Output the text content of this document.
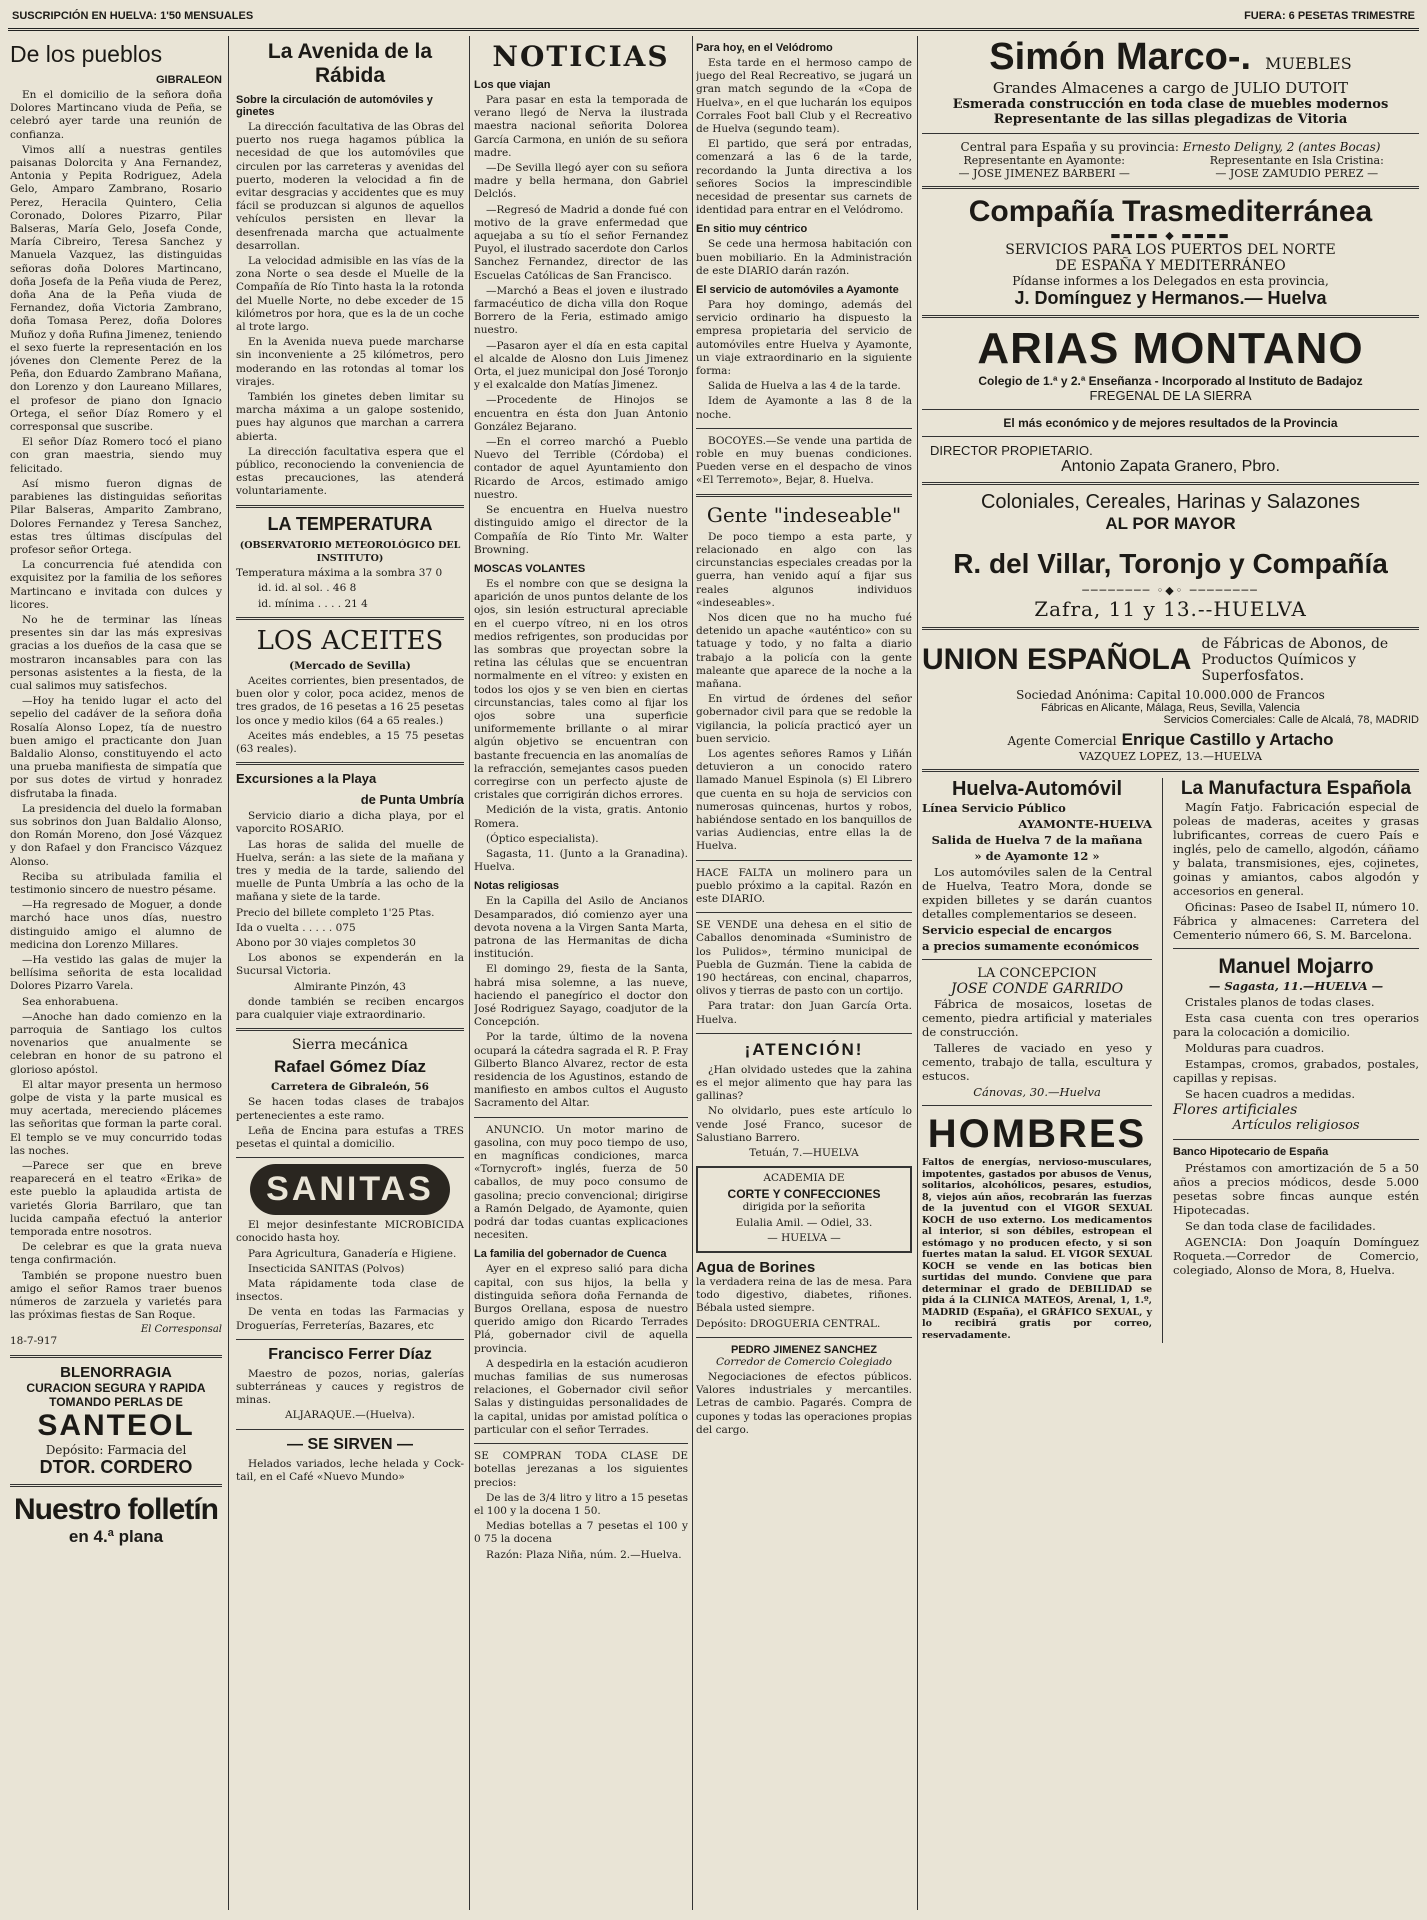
SUSCRIPCIÓN EN HUELVA: 1'50 MENSUALES	FUERA: 6 PESETAS TRIMESTRE
De los pueblos
GIBRALEON

En el domicilio de la señora doña Dolores Martincano viuda de Peña, se celebró ayer tarde una reunión de confianza.

Vimos allí a nuestras gentiles paisanas Dolorcita y Ana Fernandez, Antonia y Pepita Rodriguez, Adela Gelo, Amparo Zambrano, Rosario Perez, Heracila Quintero, Celia Coronado, Dolores Pizarro, Pilar Balseras, María Gelo, Josefa Conde, María Cibreiro, Teresa Sanchez y Manuela Vazquez, las distinguidas señoras doña Dolores Martincano, doña Josefa de la Peña viuda de Perez, doña Ana de la Peña viuda de Fernandez, doña Victoria Zambrano, doña Tomasa Perez, doña Dolores Muñoz y doña Rufina Jimenez, teniendo el sexo fuerte la representación en los jóvenes don Clemente Perez de la Peña, don Eduardo Zambrano Mañana, don Lorenzo y don Laureano Millares, el profesor de piano don Ignacio Ortega, el señor Díaz Romero y el corresponsal que suscribe.

El señor Díaz Romero tocó el piano con gran maestria, siendo muy felicitado.

Así mismo fueron dignas de parabienes las distinguidas señoritas Pilar Balseras, Amparito Zambrano, Dolores Fernandez y Teresa Sanchez, estas tres últimas discípulas del profesor señor Ortega.

La concurrencia fué atendida con exquisitez por la familia de los señores Martincano e invitada con dulces y licores.

No he de terminar las líneas presentes sin dar las más expresivas gracias a los dueños de la casa que se mostraron incansables para con las personas asistentes a la fiesta, de la cual salimos muy satisfechos.

—Hoy ha tenido lugar el acto del sepelio del cadáver de la señora doña Rosalía Alonso Lopez, tía de nuestro buen amigo el practicante don Juan Baldalio Alonso, constituyendo el acto una prueba manifiesta de simpatía que por sus dotes de virtud y honradez disfrutaba la finada.

La presidencia del duelo la formaban sus sobrinos don Juan Baldalio Alonso, don Román Moreno, don José Vázquez y don Rafael y don Francisco Vázquez Alonso.

Reciba su atribulada familia el testimonio sincero de nuestro pésame.

—Ha regresado de Moguer, a donde marchó hace unos días, nuestro distinguido amigo el alumno de medicina don Lorenzo Millares.

—Ha vestido las galas de mujer la bellísima señorita de esta localidad Dolores Pizarro Varela.

Sea enhorabuena.

—Anoche han dado comienzo en la parroquia de Santiago los cultos novenarios que anualmente se celebran en honor de su patrono el glorioso apóstol.

El altar mayor presenta un hermoso golpe de vista y la parte musical es muy acertada, mereciendo plácemes las señoritas que forman la parte coral. El templo se ve muy concurrido todas las noches.

—Parece ser que en breve reaparecerá en el teatro «Erika» de este pueblo la aplaudida artista de varietés Gloria Barrilaro, que tan lucida campaña efectuó la anterior temporada entre nosotros.

De celebrar es que la grata nueva tenga confirmación.

También se propone nuestro buen amigo el señor Ramos traer buenos números de zarzuela y varietés para las próximas fiestas de San Roque.

El Corresponsal
18-7-917
BLENORRAGIA
CURACION SEGURA Y RAPIDA
TOMANDO PERLAS DE
SANTEOL
Depósito: Farmacia del
DTOR. CORDERO
Nuestro folletín
en 4.ª plana
La Avenida de la Rábida
Sobre la circulación de automóviles y ginetes

La dirección facultativa de las Obras del puerto nos ruega hagamos pública la necesidad de que los automóviles que circulen por las carreteras y avenidas del puerto, moderen la velocidad a fin de evitar desgracias y accidentes que es muy fácil se produzcan si algunos de aquellos vehículos persisten en llevar la desenfrenada marcha que actualmente desarrollan.

La velocidad admisible en las vías de la zona Norte o sea desde el Muelle de la Compañía de Río Tinto hasta la la rotonda del Muelle Norte, no debe exceder de 15 kilómetros por hora, que es la de un coche al trote largo.

En la Avenida nueva puede marcharse sin inconveniente a 25 kilómetros, pero moderando en las rotondas al tomar los virajes.

También los ginetes deben limitar su marcha máxima a un galope sostenido, pues hay algunos que marchan a carrera abierta.

La dirección facultativa espera que el público, reconociendo la conveniencia de estas precauciones, las atenderá voluntariamente.

LA TEMPERATURA
(OBSERVATORIO METEOROLÓGICO DEL INSTITUTO)
Temperatura máxima a la sombra 37 0
id. id. al sol. . 46 8
id. mínima . . . . 21 4
LOS ACEITES
(Mercado de Sevilla)

Aceites corrientes, bien presentados, de buen olor y color, poca acidez, menos de tres grados, de 16 pesetas a 16 25 pesetas los once y medio kilos (64 a 65 reales.)

Aceites más endebles, a 15 75 pesetas (63 reales).

Excursiones a la Playa
de Punta Umbría

Servicio diario a dicha playa, por el vaporcito ROSARIO.

Las horas de salida del muelle de Huelva, serán: a las siete de la mañana y tres y media de la tarde, saliendo del muelle de Punta Umbría a las ocho de la mañana y siete de la tarde.

Precio del billete completo 1'25 Ptas.

Ida o vuelta . . . . . 075

Abono por 30 viajes completos 30

Los abonos se expenderán en la Sucursal Victoria.

Almirante Pinzón, 43

donde también se reciben encargos para cualquier viaje extraordinario.

Sierra mecánica
Rafael Gómez Díaz
Carretera de Gibraleón, 56

Se hacen todas clases de trabajos pertenecientes a este ramo.

Leña de Encina para estufas a TRES pesetas el quintal a domicilio.

SANITAS

El mejor desinfestante MICROBICIDA conocido hasta hoy.

Para Agricultura, Ganadería e Higiene.

Insecticida SANITAS (Polvos)

Mata rápidamente toda clase de insectos.

De venta en todas las Farmacias y Droguerías, Ferreterías, Bazares, etc

Francisco Ferrer Díaz

Maestro de pozos, norias, galerías subterráneas y cauces y registros de minas.

ALJARAQUE.—(Huelva).

— SE SIRVEN —

Helados variados, leche helada y Cock-tail, en el Café «Nuevo Mundo»

NOTICIAS
Los que viajan

Para pasar en esta la temporada de verano llegó de Nerva la ilustrada maestra nacional señorita Dolorea García Carmona, en unión de su señora madre.

—De Sevilla llegó ayer con su señora madre y bella hermana, don Gabriel Delclós.

—Regresó de Madrid a donde fué con motivo de la grave enfermedad que aquejaba a su tío el señor Fernandez Puyol, el ilustrado sacerdote don Carlos Sanchez Fernandez, director de las Escuelas Católicas de San Francisco.

—Marchó a Beas el joven e ilustrado farmacéutico de dicha villa don Roque Borrero de la Feria, estimado amigo nuestro.

—Pasaron ayer el día en esta capital el alcalde de Alosno don Luis Jimenez Orta, el juez municipal don José Toronjo y el exalcalde don Matías Jimenez.

—Procedente de Hinojos se encuentra en ésta don Juan Antonio González Bejarano.

—En el correo marchó a Pueblo Nuevo del Terrible (Córdoba) el contador de aquel Ayuntamiento don Ricardo de Arcos, estimado amigo nuestro.

Se encuentra en Huelva nuestro distinguido amigo el director de la Compañía de Río Tinto Mr. Walter Browning.

MOSCAS VOLANTES

Es el nombre con que se designa la aparición de unos puntos delante de los ojos, sin lesión estructural apreciable en el cuerpo vítreo, ni en los otros medios refrigentes, son producidas por las sombras que proyectan sobre la retina las células que se encuentran normalmente en el vítreo: y existen en todos los ojos y se ven bien en ciertas circunstancias, tales como al fijar los ojos sobre una superficie uniformemente brillante o al mirar algún objetivo se encuentran con bastante frecuencia en las anomalías de la refracción, semejantes casos pueden corregirse con un perfecto ajuste de cristales que corrigirán dichos errores.

Medición de la vista, gratis. Antonio Romera.

(Óptico especialista).

Sagasta, 11. (Junto a la Granadina). Huelva.

Notas religiosas

En la Capilla del Asilo de Ancianos Desamparados, dió comienzo ayer una devota novena a la Virgen Santa Marta, patrona de las Hermanitas de dicha institución.

El domingo 29, fiesta de la Santa, habrá misa solemne, a las nueve, haciendo el panegírico el doctor don José Rodriguez Sayago, coadjutor de la Concepción.

Por la tarde, último de la novena ocupará la cátedra sagrada el R. P. Fray Gilberto Blanco Alvarez, rector de esta residencia de los Agustinos, estando de manifiesto en ambos cultos el Augusto Sacramento del Altar.

ANUNCIO. Un motor marino de gasolina, con muy poco tiempo de uso, en magníficas condiciones, marca «Tornycroft» inglés, fuerza de 50 caballos, de muy poco consumo de gasolina; precio convencional; dirigirse a Ramón Delgado, de Ayamonte, quien podrá dar todas cuantas explicaciones necesiten.

La familia del gobernador de Cuenca

Ayer en el expreso salió para dicha capital, con sus hijos, la bella y distinguida señora doña Fernanda de Burgos Orellana, esposa de nuestro querido amigo don Ricardo Terrades Plá, gobernador civil de aquella provincia.

A despedirla en la estación acudieron muchas familias de sus numerosas relaciones, el Gobernador civil señor Salas y distinguidas personalidades de la capital, unidas por amistad política o particular con el señor Terrades.

SE COMPRAN TODA CLASE DE botellas jerezanas a los siguientes precios:

De las de 3/4 litro y litro a 15 pesetas el 100 y la docena 1 50.

Medias botellas a 7 pesetas el 100 y 0 75 la docena

Razón: Plaza Niña, núm. 2.—Huelva.

Para hoy, en el Velódromo

Esta tarde en el hermoso campo de juego del Real Recreativo, se jugará un gran match segundo de la «Copa de Huelva», en el que lucharán los equipos Corrales Foot ball Club y el Recreativo de Huelva (segundo team).

El partido, que será por entradas, comenzará a las 6 de la tarde, recordando la Junta directiva a los señores Socios la imprescindible necesidad de presentar sus carnets de identidad para entrar en el Velódromo.

En sitio muy céntrico

Se cede una hermosa habitación con buen mobiliario. En la Administración de este DIARIO darán razón.

El servicio de automóviles a Ayamonte

Para hoy domingo, además del servicio ordinario ha dispuesto la empresa propietaria del servicio de automóviles entre Huelva y Ayamonte, un viaje extraordinario en la siguiente forma:

Salida de Huelva a las 4 de la tarde.

Idem de Ayamonte a las 8 de la noche.

BOCOYES.—Se vende una partida de roble en muy buenas condiciones. Pueden verse en el despacho de vinos «El Terremoto», Bejar, 8. Huelva.

Gente "indeseable"

De poco tiempo a esta parte, y relacionado en algo con las circunstancias especiales creadas por la guerra, han venido aquí a fijar sus reales algunos individuos «indeseables».

Nos dicen que no ha mucho fué detenido un apache «auténtico» con su tatuage y todo, y no falta a diario trabajo a la policía con la gente maleante que aparece de la noche a la mañana.

En virtud de órdenes del señor gobernador civil para que se redoble la vigilancia, la policía practicó ayer un buen servicio.

Los agentes señores Ramos y Liñán detuvieron a un conocido ratero llamado Manuel Espinola (s) El Librero que cuenta en su hoja de servicios con numerosas quincenas, hurtos y robos, habiéndose sentado en los banquillos de varias Audiencias, entre ellas la de Huelva.

HACE FALTA un molinero para un pueblo próximo a la capital. Razón en este DIARIO.

SE VENDE una dehesa en el sitio de Caballos denominada «Suministro de los Pulidos», término municipal de Puebla de Guzmán. Tiene la cabida de 190 hectáreas, con encinal, chaparros, olivos y tierras de pasto con un cortijo.

Para tratar: don Juan García Orta. Huelva.

¡ATENCIÓN!

¿Han olvidado ustedes que la zahina es el mejor alimento que hay para las gallinas?

No olvidarlo, pues este artículo lo vende José Franco, sucesor de Salustiano Barrero.

Tetuán, 7.—HUELVA

ACADEMIA DE
CORTE Y CONFECCIONES
dirigida por la señorita
Eulalia Amil. — Odiel, 33.
— HUELVA —
Agua de Borines

la verdadera reina de las de mesa. Para todo digestivo, diabetes, riñones. Bébala usted siempre.

Depósito: DROGUERIA CENTRAL.

PEDRO JIMENEZ SANCHEZ
Corredor de Comercio Colegiado

Negociaciones de efectos públicos. Valores industriales y mercantiles. Letras de cambio. Pagarés. Compra de cupones y todas las operaciones propias del cargo.

Simón Marco-. MUEBLES
Grandes Almacenes a cargo de JULIO DUTOIT
Esmerada construcción en toda clase de muebles modernos
Representante de las sillas plegadizas de Vitoria
Central para España y su provincia: Ernesto Deligny, 2 (antes Bocas)
Representante en Ayamonte:
— JOSE JIMENEZ BARBERI —
Representante en Isla Cristina:
— JOSE ZAMUDIO PEREZ —
Compañía Trasmediterránea
▬▬▬▬ ◆ ▬▬▬▬
SERVICIOS PARA LOS PUERTOS DEL NORTE
DE ESPAÑA Y MEDITERRÁNEO
Pídanse informes a los Delegados en esta provincia,
J. Domínguez y Hermanos.— Huelva
ARIAS MONTANO
Colegio de 1.ª y 2.ª Enseñanza - Incorporado al Instituto de Badajoz
FREGENAL DE LA SIERRA
El más económico y de mejores resultados de la Provincia
DIRECTOR PROPIETARIO.
Antonio Zapata Granero, Pbro.
Coloniales, Cereales, Harinas y Salazones
AL POR MAYOR
R. del Villar, Toronjo y Compañía
──────── ◦◆◦ ────────
Zafra, 11 y 13.--HUELVA
UNION ESPAÑOLA de Fábricas de Abonos, de Productos Químicos y Superfosfatos.
Sociedad Anónima: Capital 10.000.000 de Francos
Fábricas en Alicante, Málaga, Reus, Sevilla, Valencia
Servicios Comerciales: Calle de Alcalá, 78, MADRID
Agente Comercial Enrique Castillo y Artacho
VAZQUEZ LOPEZ, 13.—HUELVA
Huelva-Automóvil
Línea Servicio Público
AYAMONTE-HUELVA
Salida de Huelva 7 de la mañana
» de Ayamonte 12 »

Los automóviles salen de la Central de Huelva, Teatro Mora, donde se expiden billetes y se darán cuantos detalles complementarios se deseen.

Servicio especial de encargos
a precios sumamente económicos
LA CONCEPCION
JOSE CONDE GARRIDO

Fábrica de mosaicos, losetas de cemento, piedra artificial y materiales de construcción.

Talleres de vaciado en yeso y cemento, trabajo de talla, escultura y estucos.

Cánovas, 30.—Huelva
HOMBRES

Faltos de energías, nervioso-musculares, impotentes, gastados por abusos de Venus, solitarios, alcohólicos, pesares, estudios, 8, viejos aún años, recobrarán las fuerzas de la juventud con el VIGOR SEXUAL KOCH de uso externo. Los medicamentos al interior, si son débiles, estropean el estómago y no producen efecto, y si son fuertes matan la salud. EL VIGOR SEXUAL KOCH se vende en las boticas bien surtidas del mundo. Conviene que para determinar el grado de DEBILIDAD se pida á la CLINICA MATEOS, Arenal, 1, 1.º, MADRID (España), el GRÁFICO SEXUAL, y lo recibirá gratis por correo, reservadamente.

La Manufactura Española

Magín Fatjo. Fabricación especial de poleas de maderas, aceites y grasas lubrificantes, correas de cuero País e inglés, pelo de camello, algodón, cáñamo y balata, transmisiones, ejes, cojinetes, goinas y amiantos, cabos algodón y accesorios en general.

Oficinas: Paseo de Isabel II, número 10. Fábrica y almacenes: Carretera del Cementerio número 66, S. M. Barcelona.

Manuel Mojarro
— Sagasta, 11.—HUELVA —

Cristales planos de todas clases.

Esta casa cuenta con tres operarios para la colocación a domicilio.

Molduras para cuadros.

Estampas, cromos, grabados, postales, capillas y repisas.

Se hacen cuadros a medidas.

Flores artificiales
Artículos religiosos
Banco Hipotecario de España

Préstamos con amortización de 5 a 50 años a precios módicos, desde 5.000 pesetas sobre fincas aunque estén Hipotecadas.

Se dan toda clase de facilidades.

AGENCIA: Don Joaquín Domínguez Roqueta.—Corredor de Comercio, colegiado, Alonso de Mora, 8, Huelva.
